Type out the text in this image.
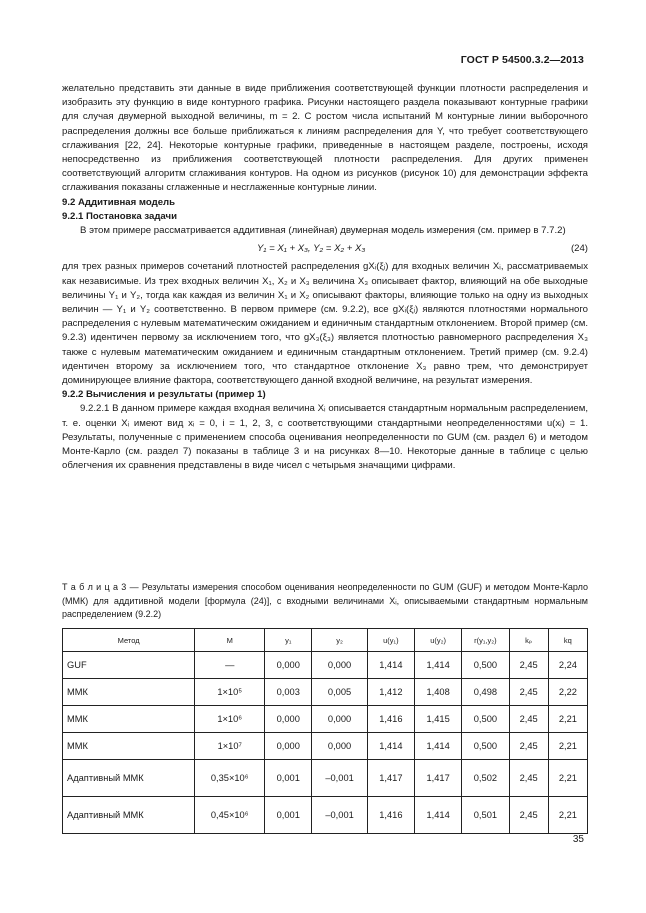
ГОСТ Р 54500.3.2—2013

желательно представить эти данные в виде приближения соответствующей функции плотности распределения и изобразить эту функцию в виде контурного графика. Рисунки настоящего раздела показывают контурные графики для случая двумерной выходной величины, m = 2. С ростом числа испытаний M контурные линии выборочного распределения должны все больше приближаться к линиям распределения для Y, что требует соответствующего сглаживания [22, 24]. Некоторые контурные графики, приведенные в настоящем разделе, построены, исходя непосредственно из приближения соответствующей плотности распределения. Для других применен соответствующий алгоритм сглаживания контуров. На одном из рисунков (рисунок 10) для демонстрации эффекта сглаживания показаны сглаженные и несглаженные контурные линии.

9.2 Аддитивная модель

9.2.1 Постановка задачи

В этом примере рассматривается аддитивная (линейная) двумерная модель измерения (см. пример в 7.7.2)

Y₁ = X₁ + X₃, Y₂ = X₂ + X₃	(24)

для трех разных примеров сочетаний плотностей распределения gXᵢ(ξᵢ) для входных величин Xᵢ, рассматриваемых как независимые. Из трех входных величин X₁, X₂ и X₃ величина X₃ описывает фактор, влияющий на обе выходные величины Y₁ и Y₂, тогда как каждая из величин X₁ и X₂ описывают факторы, влияющие только на одну из выходных величин — Y₁ и Y₂ соответственно. В первом примере (см. 9.2.2), все gXᵢ(ξᵢ) являются плотностями нормального распределения с нулевым математическим ожиданием и единичным стандартным отклонением. Второй пример (см. 9.2.3) идентичен первому за исключением того, что gX₃(ξ₃) является плотностью равномерного распределения X₃ также с нулевым математическим ожиданием и единичным стандартным отклонением. Третий пример (см. 9.2.4) идентичен второму за исключением того, что стандартное отклонение X₃ равно трем, что демонстрирует доминирующее влияние фактора, соответствующего данной входной величине, на результат измерения.

9.2.2 Вычисления и результаты (пример 1)

9.2.2.1 В данном примере каждая входная величина Xᵢ описывается стандартным нормальным распределением, т. е. оценки Xᵢ имеют вид xᵢ = 0, i = 1, 2, 3, с соответствующими стандартными неопределенностями u(xᵢ) = 1. Результаты, полученные с применением способа оценивания неопределенности по GUM (см. раздел 6) и методом Монте-Карло (см. раздел 7) показаны в таблице 3 и на рисунках 8—10. Некоторые данные в таблице с целью облегчения их сравнения представлены в виде чисел с четырьмя значащими цифрами.

Т а б л и ц а 3 — Результаты измерения способом оценивания неопределенности по GUM (GUF) и методом Монте-Карло (ММК) для аддитивной модели [формула (24)], с входными величинами Xᵢ, описываемыми стандартным нормальным распределением (9.2.2)
Метод	M	y₁	y₂	u(y₁)	u(y₂)	r(y₁,y₂)	kₚ	kq
GUF	—	0,000	0,000	1,414	1,414	0,500	2,45	2,24
ММК	1×10⁵	0,003	0,005	1,412	1,408	0,498	2,45	2,22
ММК	1×10⁶	0,000	0,000	1,416	1,415	0,500	2,45	2,21
ММК	1×10⁷	0,000	0,000	1,414	1,414	0,500	2,45	2,21
Адаптивный ММК	0,35×10⁶	0,001	–0,001	1,417	1,417	0,502	2,45	2,21
Адаптивный ММК	0,45×10⁶	0,001	–0,001	1,416	1,414	0,501	2,45	2,21
35
